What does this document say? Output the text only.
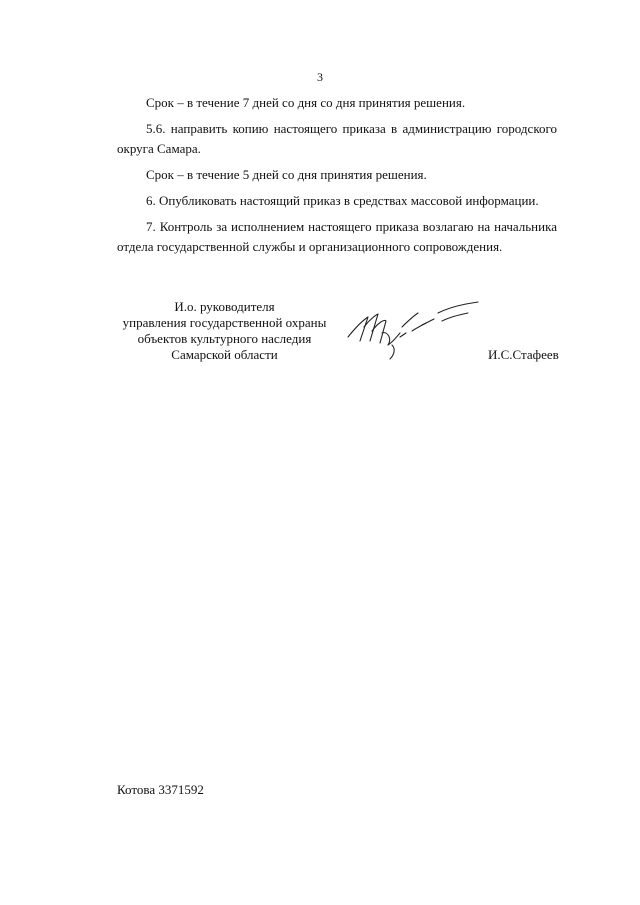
3

Срок – в течение 7 дней со дня со дня принятия решения.

5.6. направить копию настоящего приказа в администрацию городского округа Самара.

Срок – в течение 5 дней со дня принятия решения.

6. Опубликовать настоящий приказ в средствах массовой информации.

7. Контроль за исполнением настоящего приказа возлагаю на начальника отдела государственной службы и организационного сопровождения.

И.о. руководителя
управления государственной охраны
объектов культурного наследия
Самарской области	И.С.Стафеев
Котова 3371592
